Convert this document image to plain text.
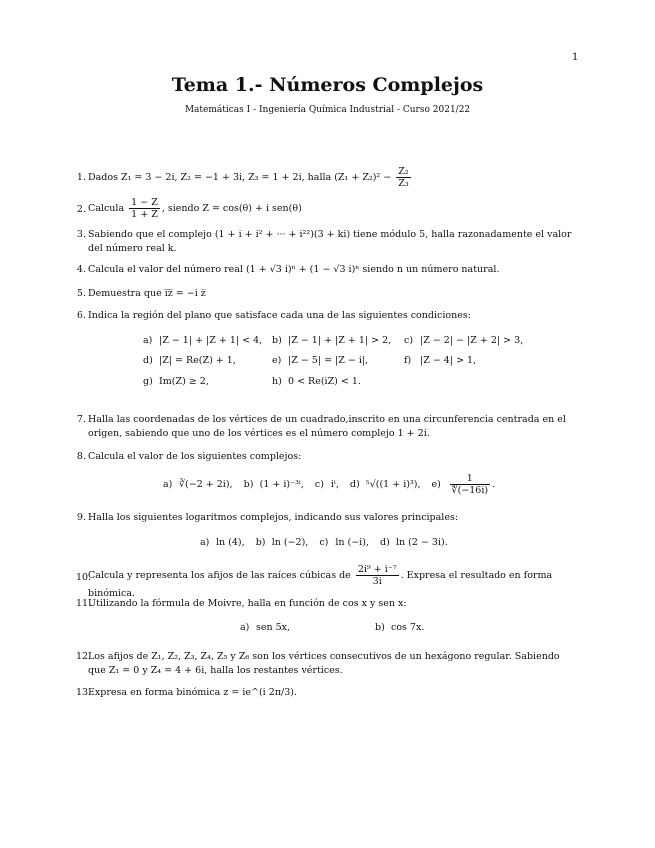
1
Tema 1.- Números Complejos
Matemáticas I - Ingeniería Química Industrial - Curso 2021/22
1. Dados Z₁ = 3 − 2i, Z₂ = −1 + 3i, Z₃ = 1 + 2i, halla $(Z_1 + Z_2)^2 - \frac{\text{Z₂}}{\text{Z₃}}$
2. Calcula $\frac{1 - Z}{1 + Z}$ , siendo Z = cos(θ) + i sen(θ)
3. Sabiendo que el complejo (1 + i + i² + ··· + i²²)(3 + ki) tiene módulo 5, halla razonadamente el valor del número real k.
4. Calcula el valor del número real (1 + √3 i)ⁿ + (1 − √3 i)ⁿ siendo n un número natural.
5. Demuestra que i̅z̅ = −i z̅
6. Indica la región del plano que satisface cada una de las siguientes condiciones:
a) |Z − 1| + |Z + 1| < 4, b) |Z − 1| + |Z + 1| > 2, c) |Z − 2| − |Z + 2| > 3,
d) |Z| = Re(Z) + 1,	e) |Z − 5| = |Z − i|,	f) |Z − 4| > 1,
g) Im(Z) ≥ 2,	h) 0 < Re(iZ) < 1.
7. Halla las coordenadas de los vértices de un cuadrado,inscrito en una circunferencia centrada en el origen, sabiendo que uno de los vértices es el número complejo 1 + 2i.
8. Calcula el valor de los siguientes complejos:
a) ∛(−2 + 2i), b) (1 + i)⁻³ⁱ, c) iⁱ, d) ⁵√((1 + i)³), $e) \frac{1}{∜(-16i)}$ .
9. Halla los siguientes logaritmos complejos, indicando sus valores principales:
a) ln (4), b) ln (−2), c) ln (−i), d) ln (2 − 3i).
10.
Calcula y representa los afijos de las raíces cúbicas de $\frac{\text{2i⁹ + i⁻⁷}}{3i}$ . Expresa el resultado en forma binómica.
11.
Utilizando la fórmula de Moivre, halla en función de cos x y sen x:
a) sen 5x,	b) cos 7x.
12.
Los afijos de Z₁, Z₂, Z₃, Z₄, Z₅ y Z₆ son los vértices consecutivos de un hexágono regular. Sabiendo que Z₁ = 0 y Z₄ = 4 + 6i, halla los restantes vértices.
13.
Expresa en forma binómica z = ie^(i 2π/3).
